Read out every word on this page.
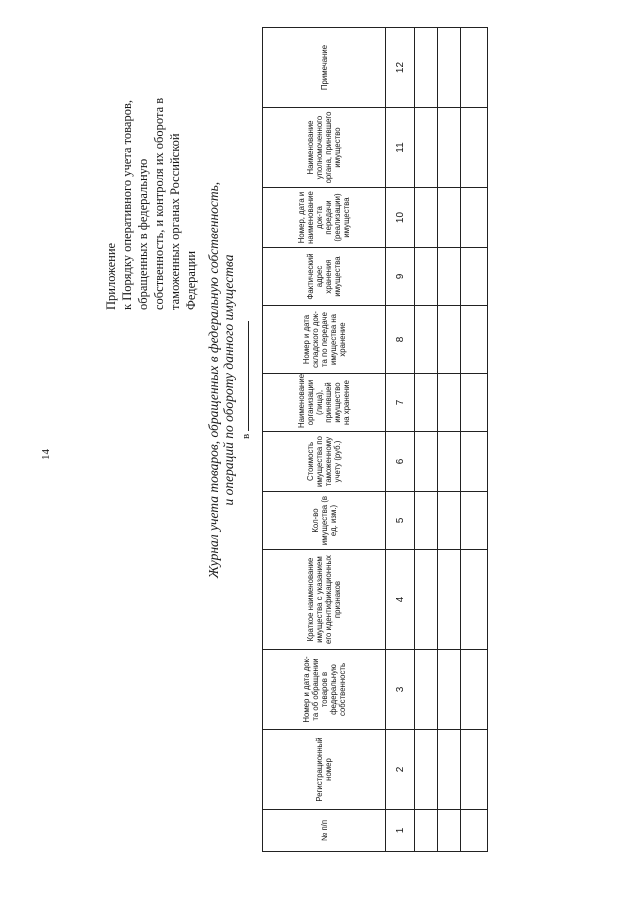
14
Приложение к Порядку оперативного учета товаров, обращенных в федеральную собственность, и контроля их оборота в таможенных органах Российской Федерации Журнал учета товаров, обращенных в федеральную собственность, и операций по обороту данного имущества в
№ п/п	Регистрационный номер	Номер и дата док-та об обращении товаров в федеральную собственность	Краткое наименование имущества с указанием его идентификационных признаков	Кол-во имущества (в ед. изм.)	Стоимость имущества по таможенному учету (руб.)	Наименование организации (лица), принявшей имущество на хранение	Номер и дата складского док-та по передаче имущества на хранение	Фактический адрес хранения имущества	Номер, дата и наименование док-та передачи (реализации) имущества	Наименование уполномоченного органа, принявшего имущество	Примечание
1	2	3	4	5	6	7	8	9	10	11	12
